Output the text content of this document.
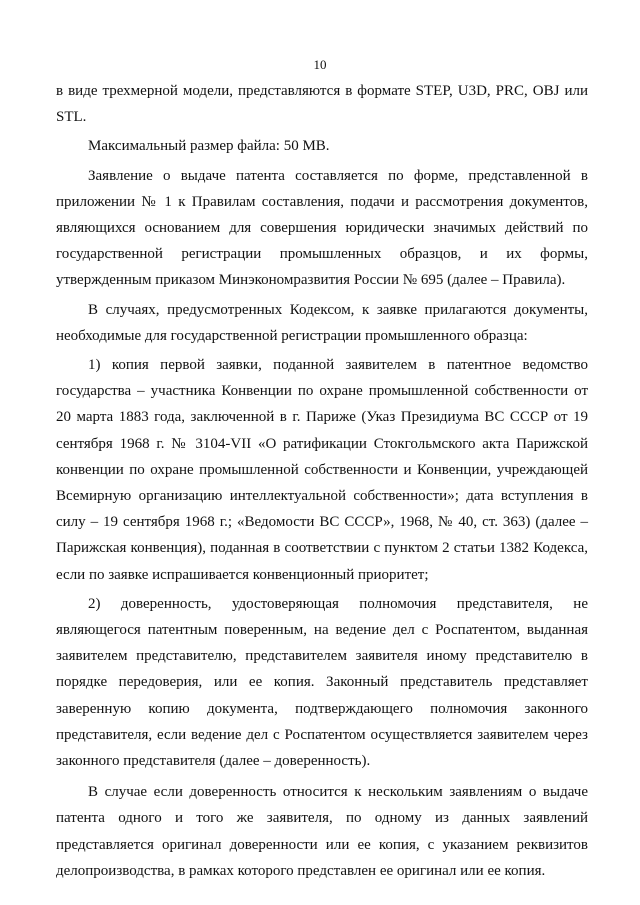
10

в виде трехмерной модели, представляются в формате STEP, U3D, PRC, OBJ или STL.

Максимальный размер файла: 50 MB.

Заявление о выдаче патента составляется по форме, представленной в приложении № 1 к Правилам составления, подачи и рассмотрения документов, являющихся основанием для совершения юридически значимых действий по государственной регистрации промышленных образцов, и их формы, утвержденным приказом Минэкономразвития России № 695 (далее – Правила).

В случаях, предусмотренных Кодексом, к заявке прилагаются документы, необходимые для государственной регистрации промышленного образца:

1) копия первой заявки, поданной заявителем в патентное ведомство государства – участника Конвенции по охране промышленной собственности от 20 марта 1883 года, заключенной в г. Париже (Указ Президиума ВС СССР от 19 сентября 1968 г. № 3104-VII «О ратификации Стокгольмского акта Парижской конвенции по охране промышленной собственности и Конвенции, учреждающей Всемирную организацию интеллектуальной собственности»; дата вступления в силу – 19 сентября 1968 г.; «Ведомости ВС СССР», 1968, № 40, ст. 363) (далее – Парижская конвенция), поданная в соответствии с пунктом 2 статьи 1382 Кодекса, если по заявке испрашивается конвенционный приоритет;

2) доверенность, удостоверяющая полномочия представителя, не являющегося патентным поверенным, на ведение дел с Роспатентом, выданная заявителем представителю, представителем заявителя иному представителю в порядке передоверия, или ее копия. Законный представитель представляет заверенную копию документа, подтверждающего полномочия законного представителя, если ведение дел с Роспатентом осуществляется заявителем через законного представителя (далее – доверенность).

В случае если доверенность относится к нескольким заявлениям о выдаче патента одного и того же заявителя, по одному из данных заявлений представляется оригинал доверенности или ее копия, с указанием реквизитов делопроизводства, в рамках которого представлен ее оригинал или ее копия.
